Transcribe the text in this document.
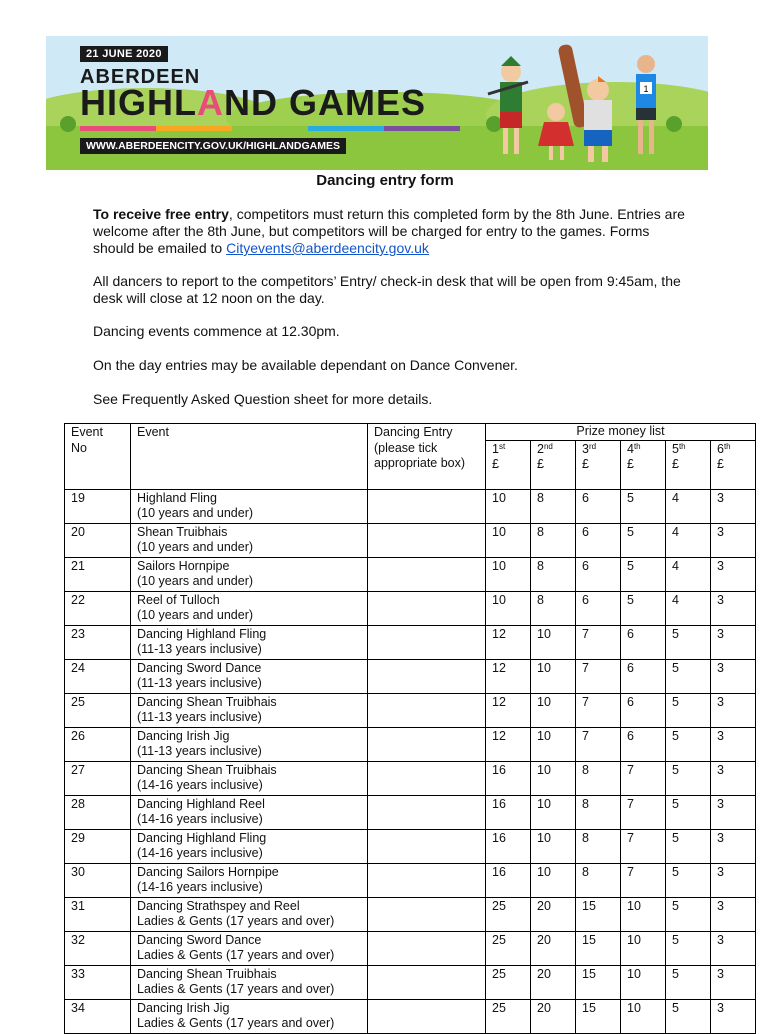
21 JUNE 2020
ABERDEEN
HIGHLAND GAMES
WWW.ABERDEENCITY.GOV.UK/HIGHLANDGAMES
1
Dancing entry form
To receive free entry, competitors must return this completed form by the 8th June. Entries are welcome after the 8th June, but competitors will be charged for entry to the games. Forms should be emailed to Cityevents@aberdeencity.gov.uk
All dancers to report to the competitors’ Entry/ check-in desk that will be open from 9:45am, the desk will close at 12 noon on the day.
Dancing events commence at 12.30pm.
On the day entries may be available dependant on Dance Convener.
See Frequently Asked Question sheet for more details.
Event
No
	Event	Dancing Entry
(please tick
appropriate box)

Prize money list
1st
£	2nd
£	3rd
£	4th
£	5th
£	6th
£

19	Highland Fling
(10 years and under)
		10	8	6	5	4	3
20	Shean Truibhais
(10 years and under)
		10	8	6	5	4	3
21	Sailors Hornpipe
(10 years and under)
		10	8	6	5	4	3
22	Reel of Tulloch
(10 years and under)
		10	8	6	5	4	3
23	Dancing Highland Fling
(11-13 years inclusive)
		12	10	7	6	5	3
24	Dancing Sword Dance
(11-13 years inclusive)
		12	10	7	6	5	3
25	Dancing Shean Truibhais
(11-13 years inclusive)
		12	10	7	6	5	3
26	Dancing Irish Jig
(11-13 years inclusive)
		12	10	7	6	5	3
27	Dancing Shean Truibhais
(14-16 years inclusive)
		16	10	8	7	5	3
28	Dancing Highland Reel
(14-16 years inclusive)
		16	10	8	7	5	3
29	Dancing Highland Fling
(14-16 years inclusive)
		16	10	8	7	5	3
30	Dancing Sailors Hornpipe
(14-16 years inclusive)
		16	10	8	7	5	3
31	Dancing Strathspey and Reel
Ladies & Gents (17 years and over)
		25	20	15	10	5	3
32	Dancing Sword Dance
Ladies & Gents (17 years and over)
		25	20	15	10	5	3
33	Dancing Shean Truibhais
Ladies & Gents (17 years and over)
		25	20	15	10	5	3
34	Dancing Irish Jig
Ladies & Gents (17 years and over)
		25	20	15	10	5	3
